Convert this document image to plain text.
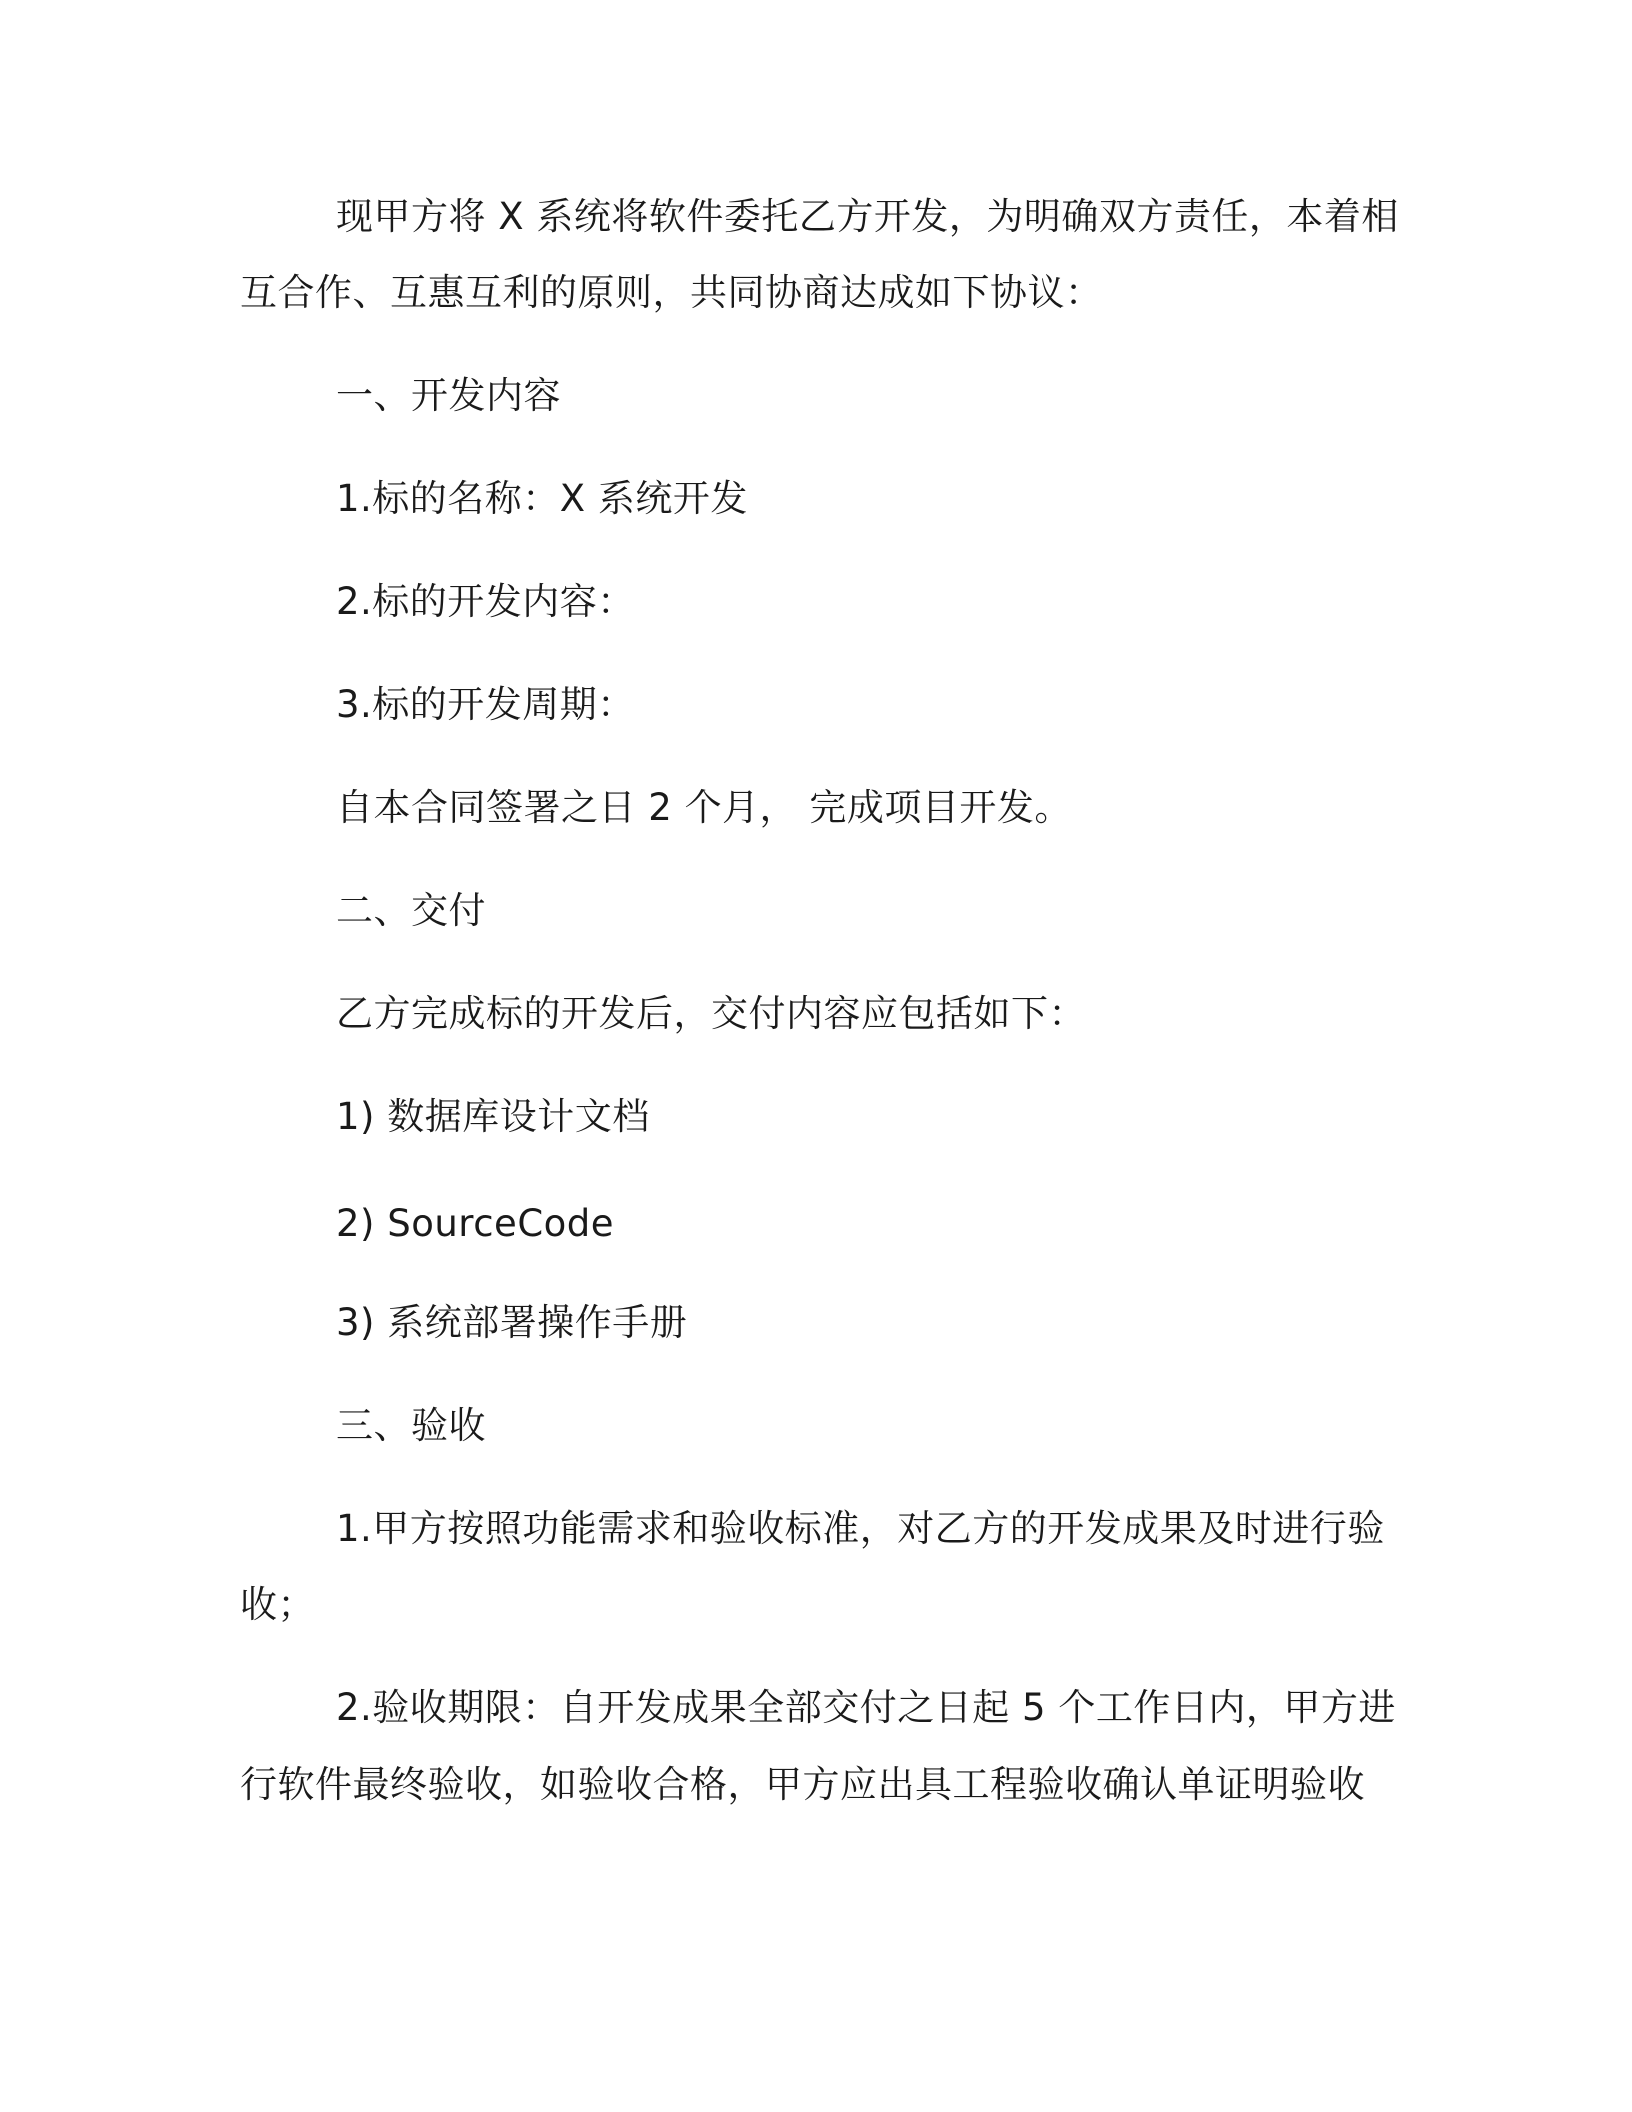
现甲方将 X 系统将软件委托乙方开发，为明确双方责任，本着相
互合作、互惠互利的原则，共同协商达成如下协议：
一、开发内容
1.标的名称：X 系统开发
2.标的开发内容：
3.标的开发周期：
自本合同签署之日 2 个月， 完成项目开发。
二、交付
乙方完成标的开发后，交付内容应包括如下：
1) 数据库设计文档
2) SourceCode
3) 系统部署操作手册
三、验收
1.甲方按照功能需求和验收标准，对乙方的开发成果及时进行验
收；
2.验收期限：自开发成果全部交付之日起 5 个工作日内，甲方进
行软件最终验收，如验收合格，甲方应出具工程验收确认单证明验收
